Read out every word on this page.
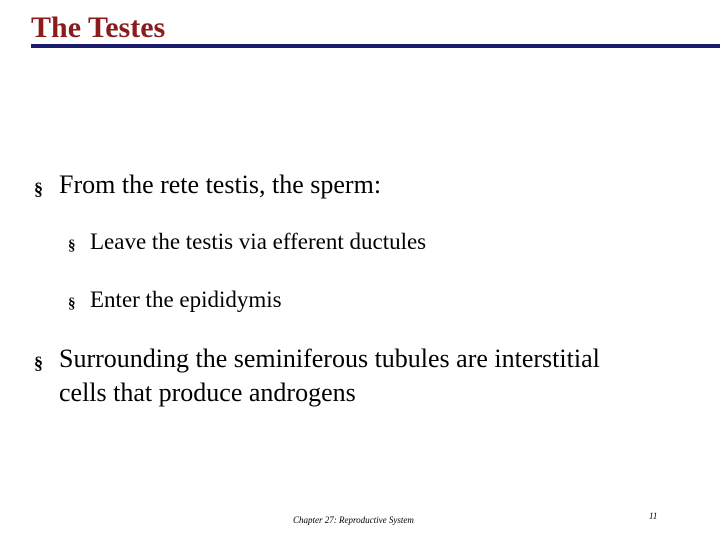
The Testes
§ From the rete testis, the sperm:
§ Leave the testis via efferent ductules
§ Enter the epididymis
§ Surrounding the seminiferous tubules are interstitial
cells that produce androgens
Chapter 27: Reproductive System	11
